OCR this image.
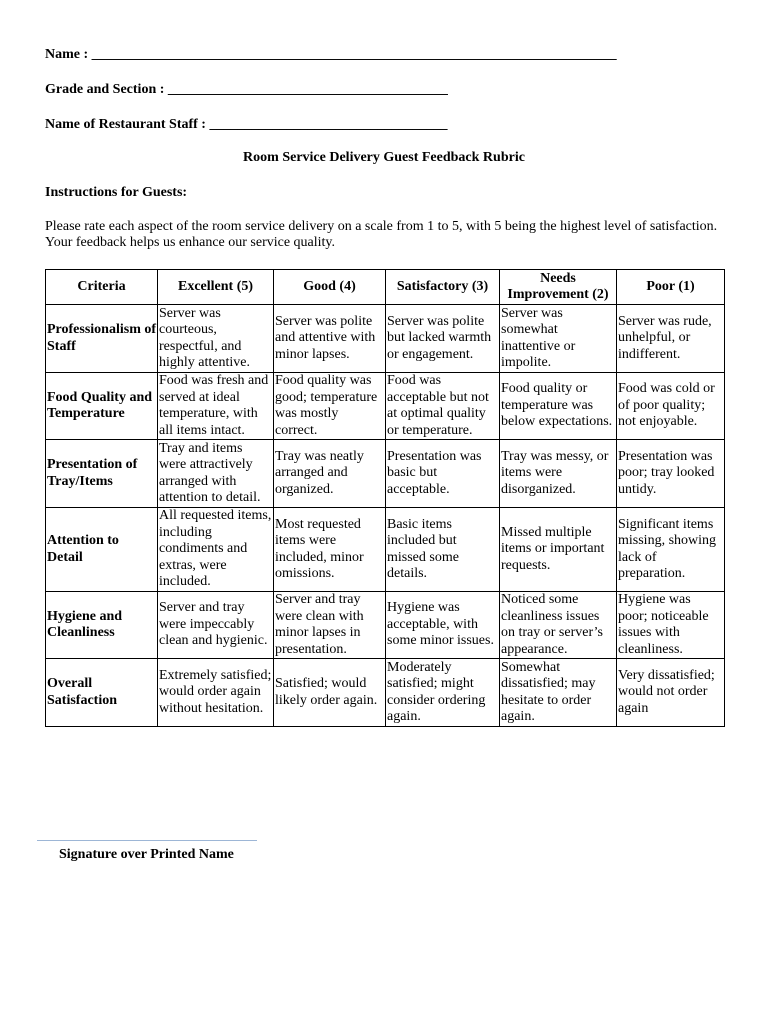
Name : ___________________________________________________________________________
Grade and Section : ________________________________________
Name of Restaurant Staff : __________________________________
Room Service Delivery Guest Feedback Rubric
Instructions for Guests:
Please rate each aspect of the room service delivery on a scale from 1 to 5, with 5 being the highest level of satisfaction. Your feedback helps us enhance our service quality.
Criteria	Excellent (5)	Good (4)	Satisfactory (3)	Needs Improvement (2)	Poor (1)
Professionalism of Staff	Server was courteous, respectful, and highly attentive.	Server was polite and attentive with minor lapses.	Server was polite but lacked warmth or engagement.	Server was somewhat inattentive or impolite.	Server was rude, unhelpful, or indifferent.
Food Quality and Temperature	Food was fresh and served at ideal temperature, with all items intact.	Food quality was good; temperature was mostly correct.	Food was acceptable but not at optimal quality or temperature.	Food quality or temperature was below expectations.	Food was cold or of poor quality; not enjoyable.
Presentation of Tray/Items	Tray and items were attractively arranged with attention to detail.	Tray was neatly arranged and organized.	Presentation was basic but acceptable.	Tray was messy, or items were disorganized.	Presentation was poor; tray looked untidy.
Attention to Detail	All requested items, including condiments and extras, were included.	Most requested items were included, minor omissions.	Basic items included but missed some details.	Missed multiple items or important requests.	Significant items missing, showing lack of preparation.
Hygiene and Cleanliness	Server and tray were impeccably clean and hygienic.	Server and tray were clean with minor lapses in presentation.	Hygiene was acceptable, with some minor issues.	Noticed some cleanliness issues on tray or server’s appearance.	Hygiene was poor; noticeable issues with cleanliness.
Overall Satisfaction	Extremely satisfied; would order again without hesitation.	Satisfied; would likely order again.	Moderately satisfied; might consider ordering again.	Somewhat dissatisfied; may hesitate to order again.	Very dissatisfied; would not order again
Signature over Printed Name
